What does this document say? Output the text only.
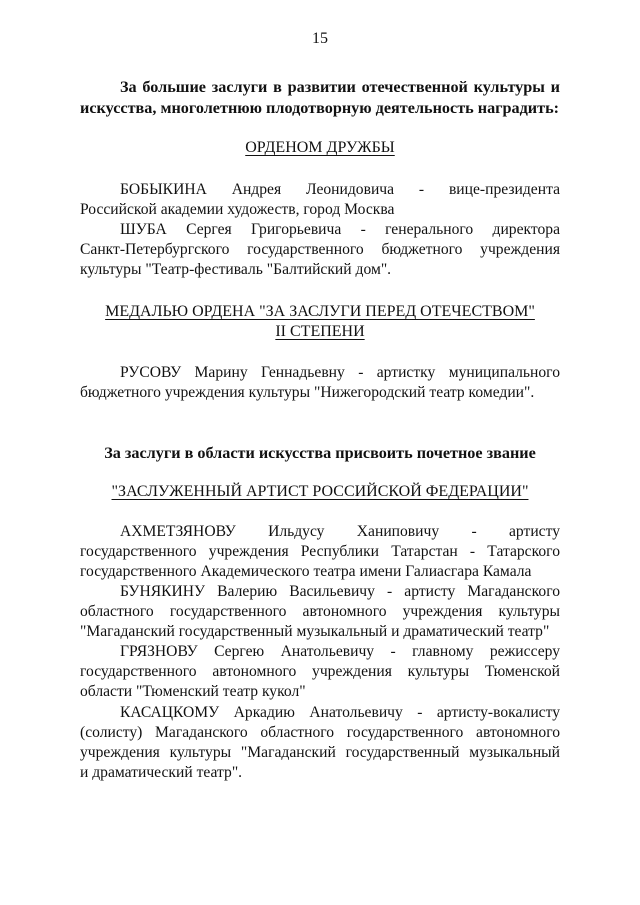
15
За большие заслуги в развитии отечественной культуры и
искусства, многолетнюю плодотворную деятельность наградить:
ОРДЕНОМ ДРУЖБЫ
БОБЫКИНА Андрея Леонидовича - вице-президента
Российской академии художеств, город Москва
ШУБА Сергея Григорьевича - генерального директора
Санкт-Петербургского государственного бюджетного учреждения
культуры "Театр-фестиваль "Балтийский дом".
МЕДАЛЬЮ ОРДЕНА "ЗА ЗАСЛУГИ ПЕРЕД ОТЕЧЕСТВОМ"
II СТЕПЕНИ
РУСОВУ Марину Геннадьевну - артистку муниципального
бюджетного учреждения культуры "Нижегородский театр комедии".
За заслуги в области искусства присвоить почетное звание
"ЗАСЛУЖЕННЫЙ АРТИСТ РОССИЙСКОЙ ФЕДЕРАЦИИ"
АХМЕТЗЯНОВУ Ильдусу Ханиповичу - артисту
государственного учреждения Республики Татарстан - Татарского
государственного Академического театра имени Галиасгара Камала
БУНЯКИНУ Валерию Васильевичу - артисту Магаданского
областного государственного автономного учреждения культуры
"Магаданский государственный музыкальный и драматический театр"
ГРЯЗНОВУ Сергею Анатольевичу - главному режиссеру
государственного автономного учреждения культуры Тюменской
области "Тюменский театр кукол"
КАСАЦКОМУ Аркадию Анатольевичу - артисту-вокалисту
(солисту) Магаданского областного государственного автономного
учреждения культуры "Магаданский государственный музыкальный
и драматический театр".
